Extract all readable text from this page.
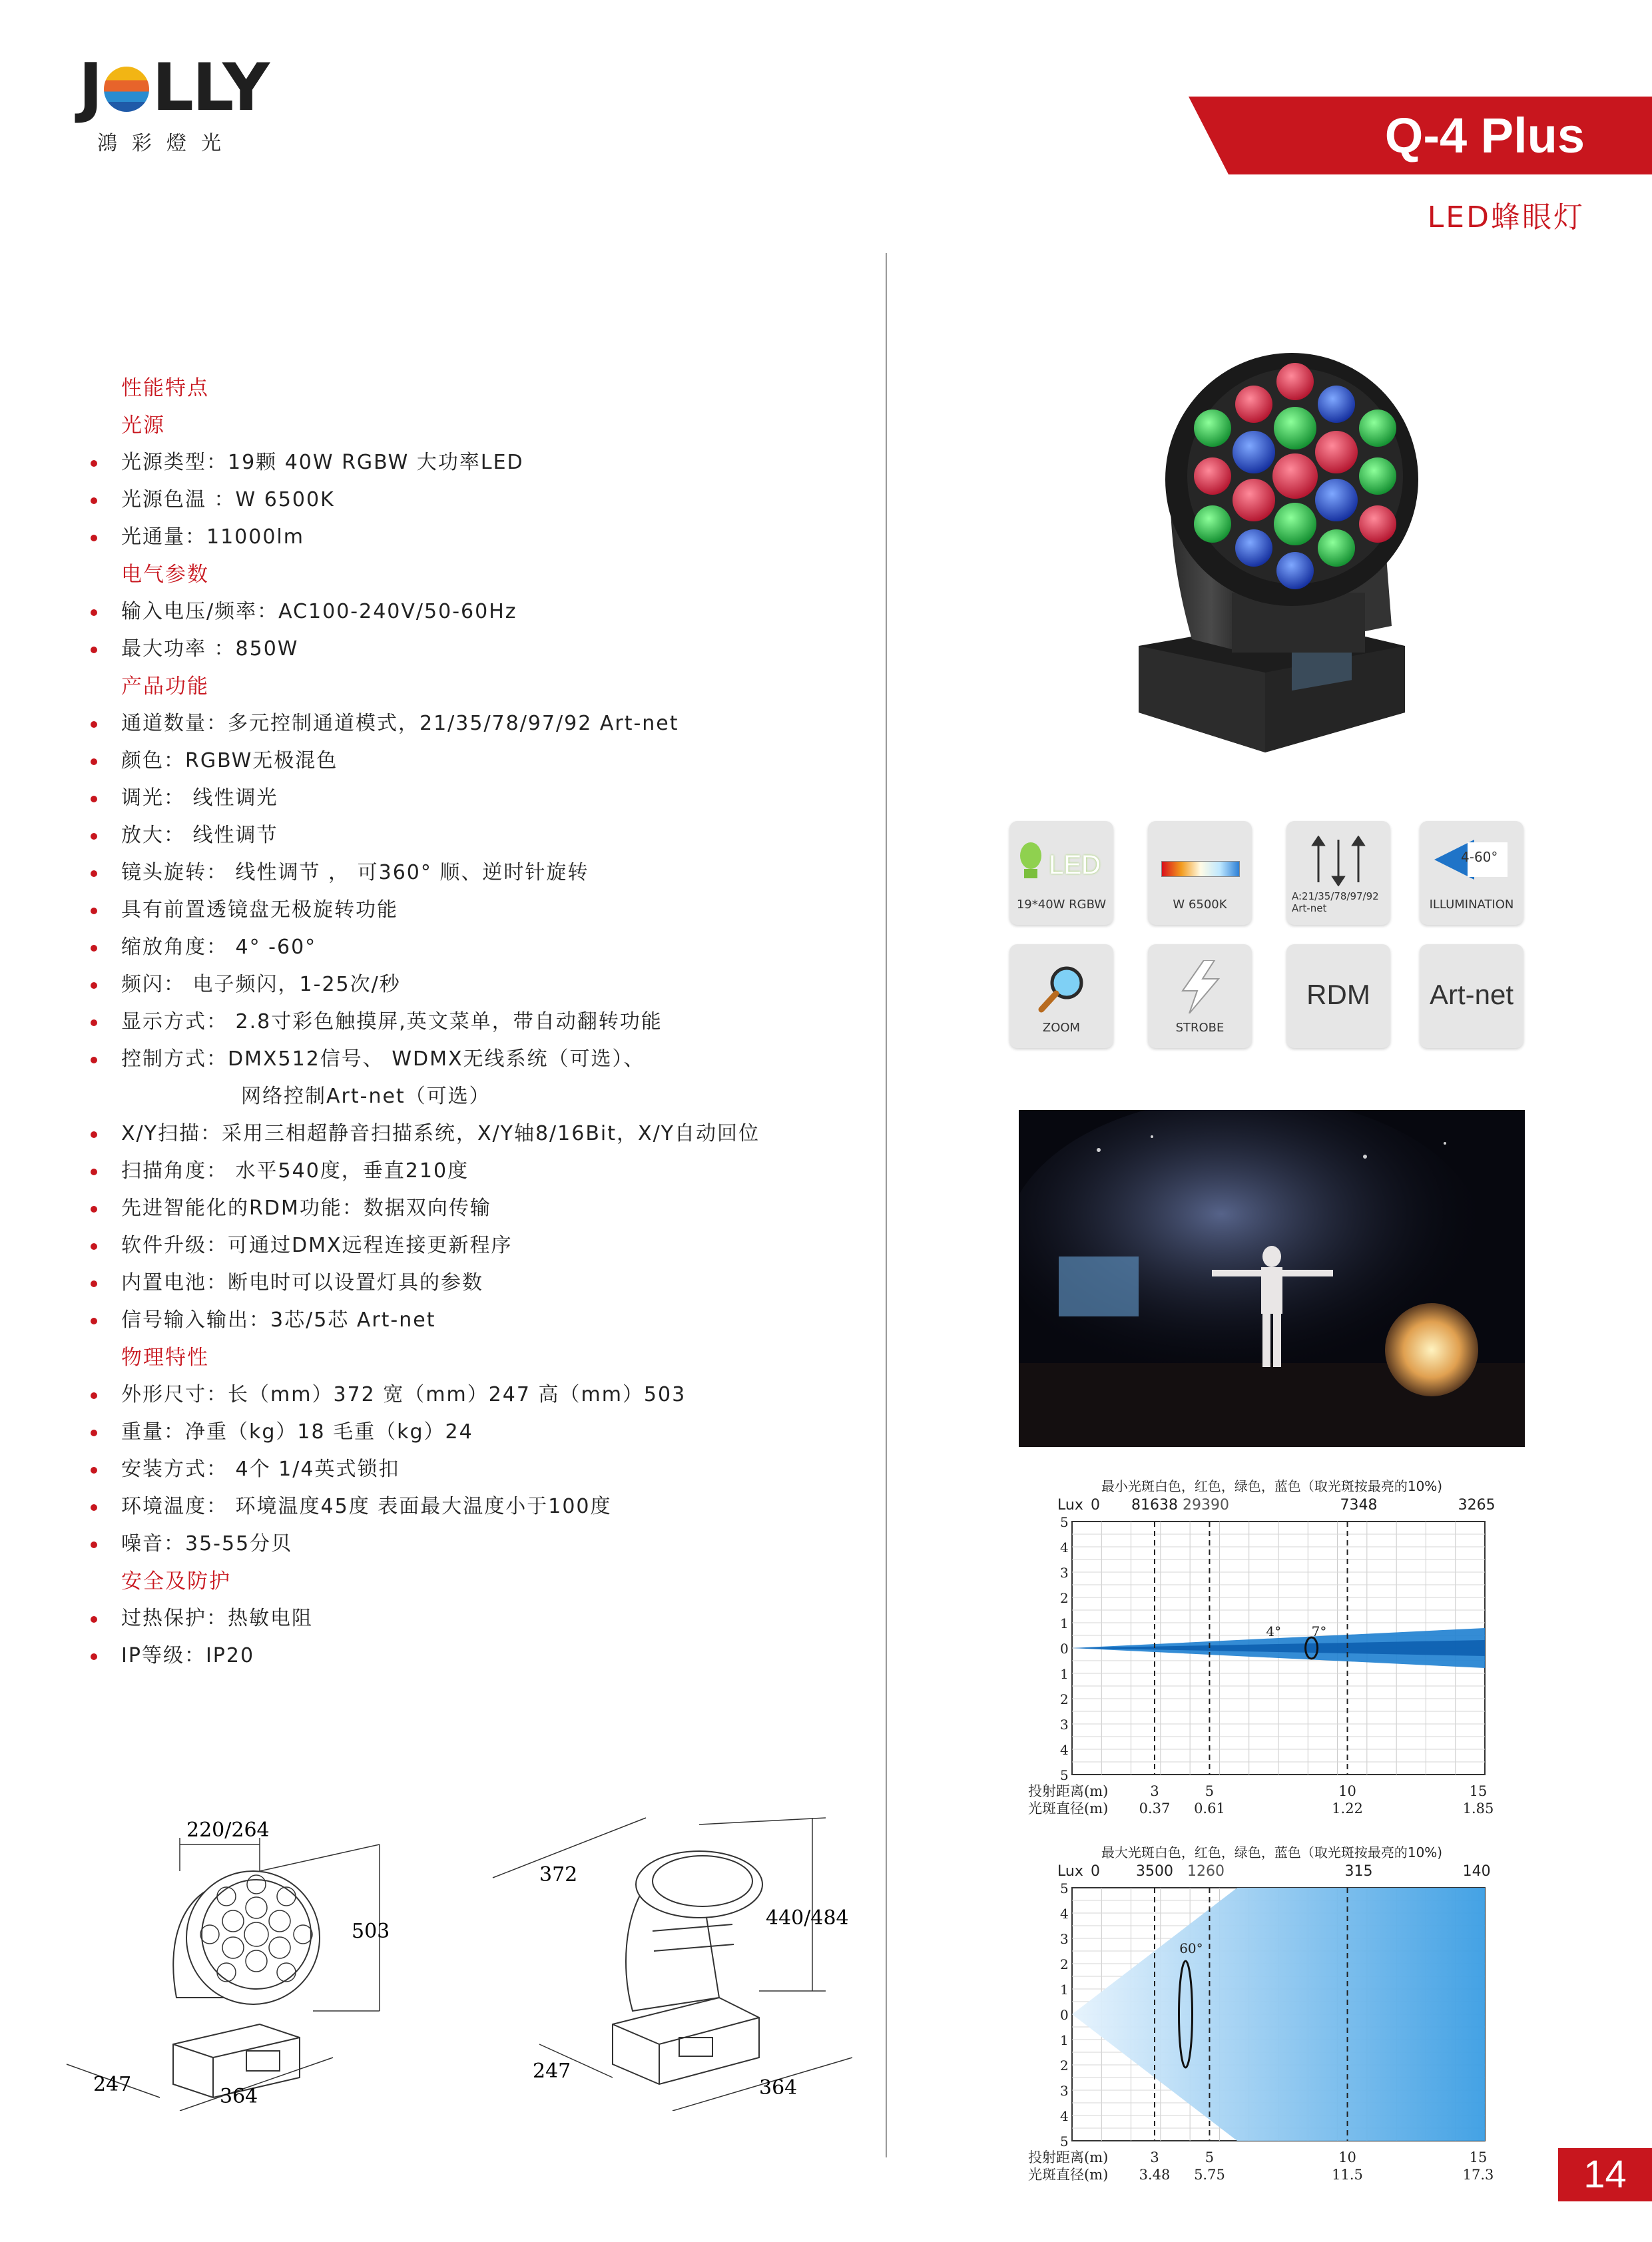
J LLY
鴻彩燈光	Q-4 Plus
LED蜂眼灯
性能特点
光源
光源类型：19颗 40W RGBW 大功率LED
光源色温 ：W 6500K
光通量：11000lm
电气参数
输入电压/频率：AC100-240V/50-60Hz
最大功率 ：850W
产品功能
通道数量：多元控制通道模式，21/35/78/97/92 Art-net
颜色：RGBW无极混色
调光： 线性调光
放大： 线性调节
镜头旋转： 线性调节 ， 可360° 顺、逆时针旋转
具有前置透镜盘无极旋转功能
缩放角度： 4° -60°
频闪： 电子频闪，1-25次/秒
显示方式： 2.8寸彩色触摸屏,英文菜单，带自动翻转功能
控制方式：DMX512信号、 WDMX无线系统（可选）、
网络控制Art-net（可选）
X/Y扫描：采用三相超静音扫描系统，X/Y轴8/16Bit，X/Y自动回位
扫描角度： 水平540度，垂直210度
先进智能化的RDM功能：数据双向传输
软件升级：可通过DMX远程连接更新程序
内置电池：断电时可以设置灯具的参数
信号输入输出：3芯/5芯 Art-net
物理特性
外形尺寸：长（mm）372 宽（mm）247 高（mm）503
重量：净重（kg）18 毛重（kg）24
安装方式： 4个 1/4英式锁扣
环境温度： 环境温度45度 表面最大温度小于100度
噪音：35-55分贝
安全及防护
过热保护：热敏电阻
IP等级：IP20
LED
19*40W RGBW	W 6500K
A:21/35/78/97/92
Art-net
4-60°
ILLUMINATION
ZOOM	STROBE
RDM	Art-net
最小光斑白色，红色，绿色，蓝色（取光斑按最亮的10%)
Lux 0 81638 29390	7348	3265
5
4
3
2
1
0
1
2
3
4
5
4° 7°
投射距离(m)
光斑直径(m)
3	5	10	15
0.37 0.61	1.22	1.85
最大光斑白色，红色，绿色，蓝色（取光斑按最亮的10%)
Lux 0 3500 1260	315	140
5
4
3
2
1
0
1
2
3
4
5
60°
投射距离(m)
光斑直径(m)
3	5	10	15
3.48 5.75	11.5	17.3
220/264
503
247
364
372
440/484
247
364
14
